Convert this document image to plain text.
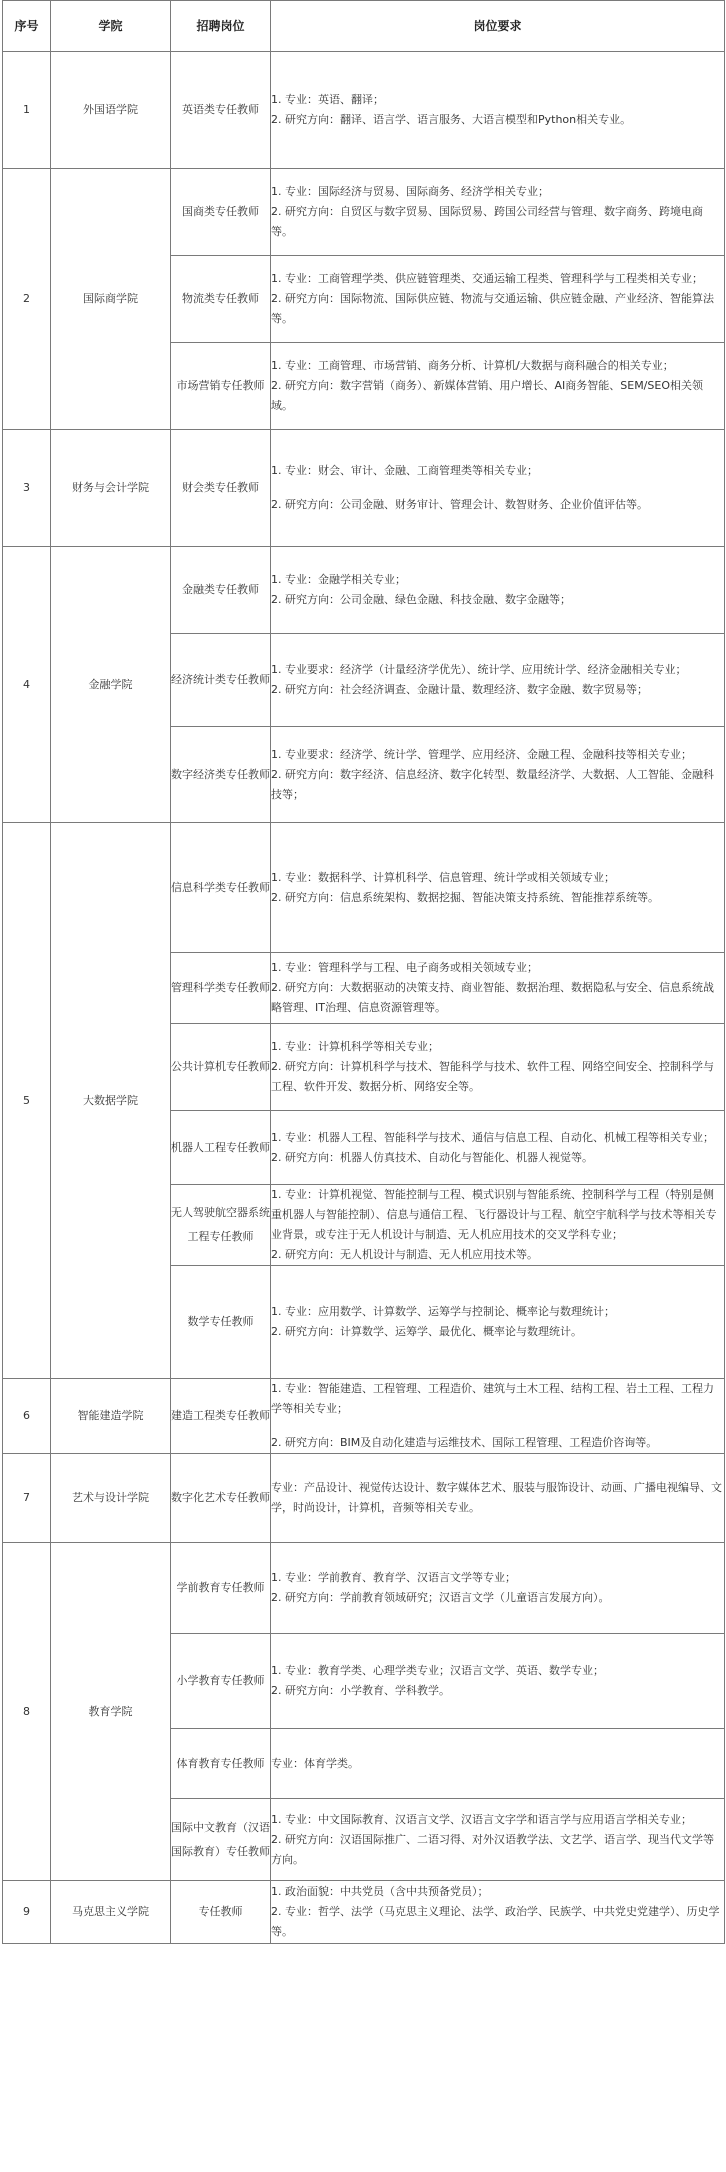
序号	学院	招聘岗位	岗位要求
1	外国语学院	英语类专任教师	1. 专业：英语、翻译；
2. 研究方向：翻译、语言学、语言服务、大语言模型和Python相关专业。

2	国际商学院	国商类专任教师	1. 专业：国际经济与贸易、国际商务、经济学相关专业；
2. 研究方向：自贸区与数字贸易、国际贸易、跨国公司经营与管理、数字商务、跨境电商等。

		物流类专任教师	1. 专业：工商管理学类、供应链管理类、交通运输工程类、管理科学与工程类相关专业；
2. 研究方向：国际物流、国际供应链、物流与交通运输、供应链金融、产业经济、智能算法等。

		市场营销专任教师	1. 专业：工商管理、市场营销、商务分析、计算机/大数据与商科融合的相关专业；
2. 研究方向：数字营销（商务）、新媒体营销、用户增长、AI商务智能、SEM/SEO相关领域。

3	财务与会计学院	财会类专任教师	1. 专业：财会、审计、金融、工商管理类等相关专业；
2. 研究方向：公司金融、财务审计、管理会计、数智财务、企业价值评估等。

4	金融学院	金融类专任教师	1. 专业：金融学相关专业；
2. 研究方向：公司金融、绿色金融、科技金融、数字金融等；

		经济统计类专任教师	1. 专业要求：经济学（计量经济学优先）、统计学、应用统计学、经济金融相关专业；
2. 研究方向：社会经济调查、金融计量、数理经济、数字金融、数字贸易等；

		数字经济类专任教师	1. 专业要求：经济学、统计学、管理学、应用经济、金融工程、金融科技等相关专业；
2. 研究方向：数字经济、信息经济、数字化转型、数量经济学、大数据、人工智能、金融科技等；

5	大数据学院	信息科学类专任教师	1. 专业：数据科学、计算机科学、信息管理、统计学或相关领域专业；
2. 研究方向：信息系统架构、数据挖掘、智能决策支持系统、智能推荐系统等。

		管理科学类专任教师	1. 专业：管理科学与工程、电子商务或相关领域专业；
2. 研究方向：大数据驱动的决策支持、商业智能、数据治理、数据隐私与安全、信息系统战略管理、IT治理、信息资源管理等。

		公共计算机专任教师	1. 专业：计算机科学等相关专业；
2. 研究方向：计算机科学与技术、智能科学与技术、软件工程、网络空间安全、控制科学与工程、软件开发、数据分析、网络安全等。

		机器人工程专任教师	1. 专业：机器人工程、智能科学与技术、通信与信息工程、自动化、机械工程等相关专业；
2. 研究方向：机器人仿真技术、自动化与智能化、机器人视觉等。

		无人驾驶航空器系统工程专任教师	1. 专业：计算机视觉、智能控制与工程、模式识别与智能系统、控制科学与工程（特别是侧重机器人与智能控制）、信息与通信工程、飞行器设计与工程、航空宇航科学与技术等相关专业背景，或专注于无人机设计与制造、无人机应用技术的交叉学科专业；
2. 研究方向：无人机设计与制造、无人机应用技术等。

		数学专任教师	1. 专业：应用数学、计算数学、运筹学与控制论、概率论与数理统计；
2. 研究方向：计算数学、运筹学、最优化、概率论与数理统计。

6	智能建造学院	建造工程类专任教师	1. 专业：智能建造、工程管理、工程造价、建筑与土木工程、结构工程、岩土工程、工程力学等相关专业；
2. 研究方向：BIM及自动化建造与运维技术、国际工程管理、工程造价咨询等。

7	艺术与设计学院	数字化艺术专任教师	专业：产品设计、视觉传达设计、数字媒体艺术、服装与服饰设计、动画、广播电视编导、文学，时尚设计，计算机，音频等相关专业。

8	教育学院	学前教育专任教师	1. 专业：学前教育、教育学、汉语言文学等专业；
2. 研究方向：学前教育领域研究；汉语言文学（儿童语言发展方向）。

		小学教育专任教师	1. 专业：教育学类、心理学类专业；汉语言文学、英语、数学专业；
2. 研究方向：小学教育、学科教学。

		体育教育专任教师	专业：体育学类。

		国际中文教育（汉语国际教育）专任教师	1. 专业：中文国际教育、汉语言文学、汉语言文字学和语言学与应用语言学相关专业；
2. 研究方向：汉语国际推广、二语习得、对外汉语教学法、文艺学、语言学、现当代文学等方向。

9	马克思主义学院	专任教师	1. 政治面貌：中共党员（含中共预备党员）；
2. 专业：哲学、法学（马克思主义理论、法学、政治学、民族学、中共党史党建学）、历史学等。
